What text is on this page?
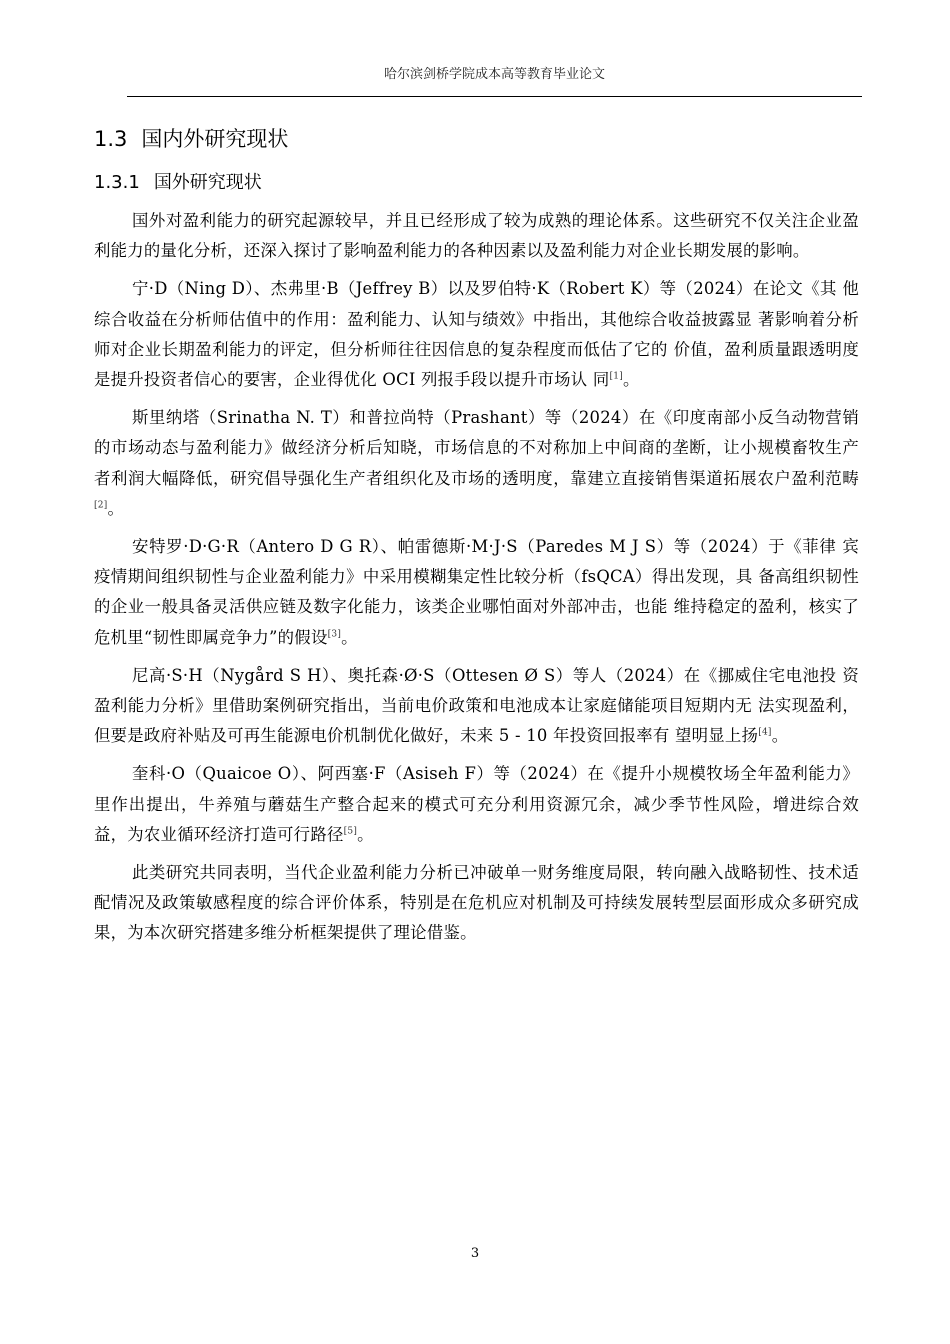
哈尔滨剑桥学院成本高等教育毕业论文
1.3 国内外研究现状
1.3.1 国外研究现状

国外对盈利能力的研究起源较早，并且已经形成了较为成熟的理论体系。这些研究不仅关注企业盈利能力的量化分析，还深入探讨了影响盈利能力的各种因素以及盈利能力对企业长期发展的影响。

宁·D（Ning D）、杰弗里·B（Jeffrey B）以及罗伯特·K（Robert K）等（2024）在论文《其 他综合收益在分析师估值中的作用：盈利能力、认知与绩效》中指出，其他综合收益披露显 著影响着分析师对企业长期盈利能力的评定，但分析师往往因信息的复杂程度而低估了它的 价值，盈利质量跟透明度是提升投资者信心的要害，企业得优化 OCI 列报手段以提升市场认 同[1]。

斯里纳塔（Srinatha N. T）和普拉尚特（Prashant）等（2024）在《印度南部小反刍动物营销的市场动态与盈利能力》做经济分析后知晓，市场信息的不对称加上中间商的垄断，让小规模畜牧生产者利润大幅降低，研究倡导强化生产者组织化及市场的透明度，靠建立直接销售渠道拓展农户盈利范畴[2]。

安特罗·D·G·R（Antero D G R）、帕雷德斯·M·J·S（Paredes M J S）等（2024）于《菲律 宾疫情期间组织韧性与企业盈利能力》中采用模糊集定性比较分析（fsQCA）得出发现，具 备高组织韧性的企业一般具备灵活供应链及数字化能力，该类企业哪怕面对外部冲击，也能 维持稳定的盈利，核实了危机里“韧性即属竞争力”的假设[3]。

尼高·S·H（Nygård S H）、奥托森·Ø·S（Ottesen Ø S）等人（2024）在《挪威住宅电池投 资盈利能力分析》里借助案例研究指出，当前电价政策和电池成本让家庭储能项目短期内无 法实现盈利，但要是政府补贴及可再生能源电价机制优化做好，未来 5 - 10 年投资回报率有 望明显上扬[4]。

奎科·O（Quaicoe O）、阿西塞·F（Asiseh F）等（2024）在《提升小规模牧场全年盈利能力》里作出提出，牛养殖与蘑菇生产整合起来的模式可充分利用资源冗余，减少季节性风险，增进综合效益，为农业循环经济打造可行路径[5]。

此类研究共同表明，当代企业盈利能力分析已冲破单一财务维度局限，转向融入战略韧性、技术适配情况及政策敏感程度的综合评价体系，特别是在危机应对机制及可持续发展转型层面形成众多研究成果，为本次研究搭建多维分析框架提供了理论借鉴。

3
